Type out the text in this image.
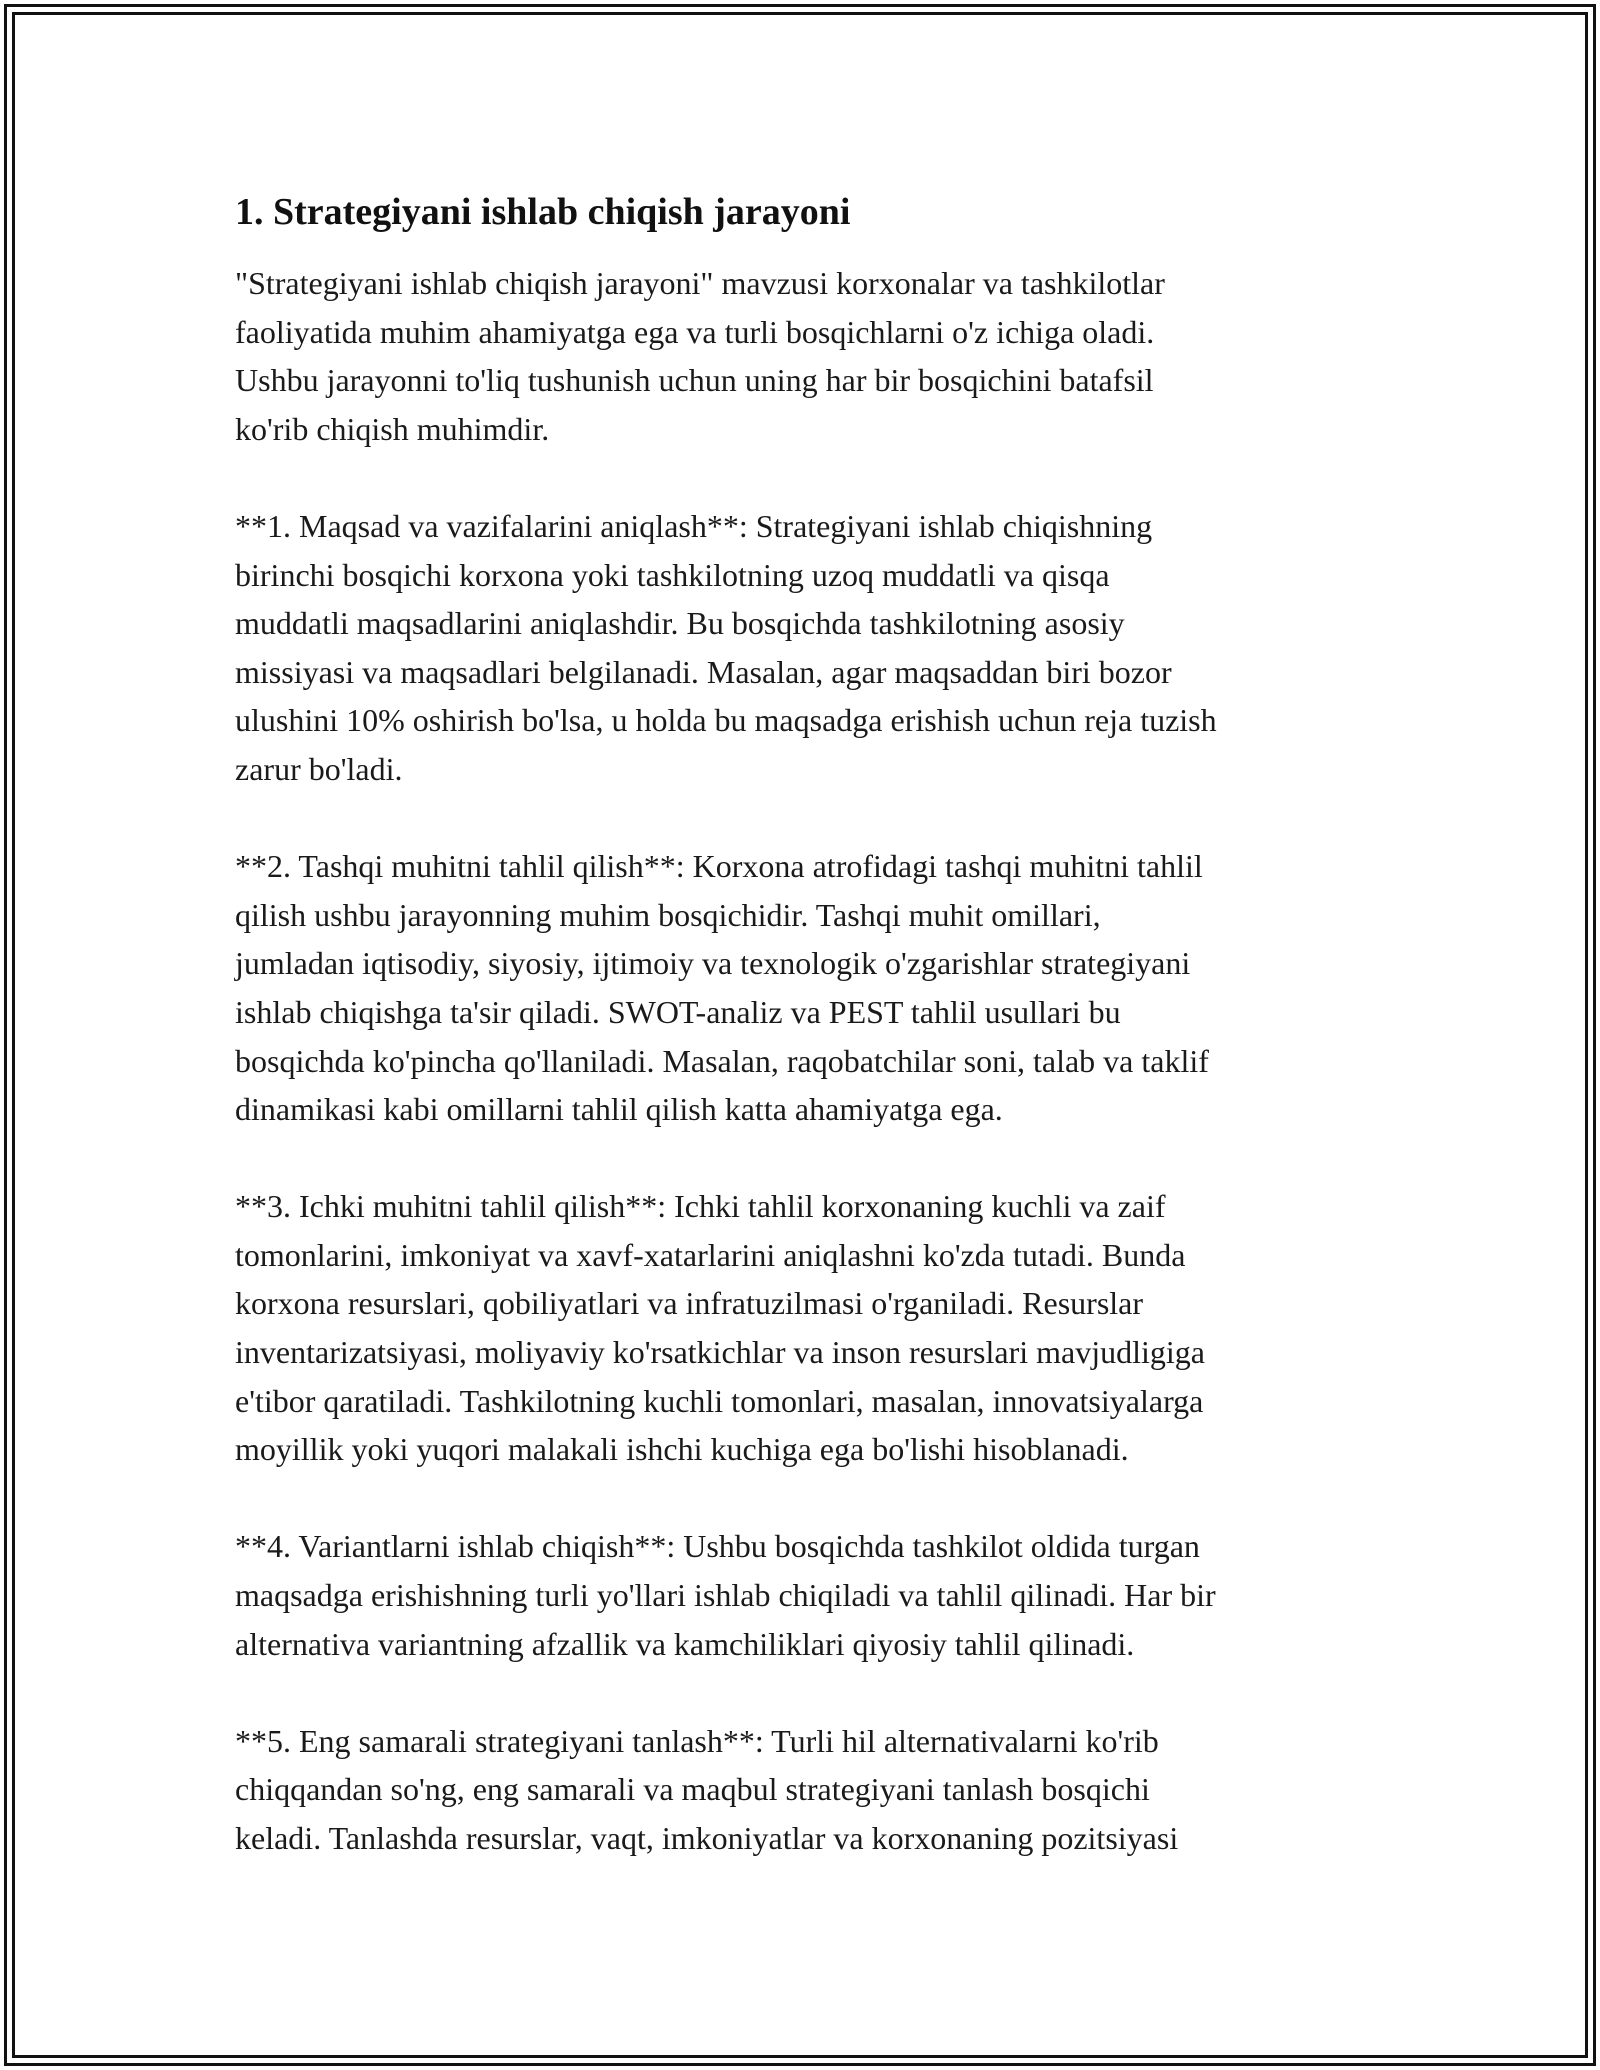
1. Strategiyani ishlab chiqish jarayoni

"Strategiyani ishlab chiqish jarayoni" mavzusi korxonalar va tashkilotlar
faoliyatida muhim ahamiyatga ega va turli bosqichlarni o'z ichiga oladi.
Ushbu jarayonni to'liq tushunish uchun uning har bir bosqichini batafsil
ko'rib chiqish muhimdir.

**1. Maqsad va vazifalarini aniqlash**: Strategiyani ishlab chiqishning
birinchi bosqichi korxona yoki tashkilotning uzoq muddatli va qisqa
muddatli maqsadlarini aniqlashdir. Bu bosqichda tashkilotning asosiy
missiyasi va maqsadlari belgilanadi. Masalan, agar maqsaddan biri bozor
ulushini 10% oshirish bo'lsa, u holda bu maqsadga erishish uchun reja tuzish
zarur bo'ladi.

**2. Tashqi muhitni tahlil qilish**: Korxona atrofidagi tashqi muhitni tahlil
qilish ushbu jarayonning muhim bosqichidir. Tashqi muhit omillari,
jumladan iqtisodiy, siyosiy, ijtimoiy va texnologik o'zgarishlar strategiyani
ishlab chiqishga ta'sir qiladi. SWOT-analiz va PEST tahlil usullari bu
bosqichda ko'pincha qo'llaniladi. Masalan, raqobatchilar soni, talab va taklif
dinamikasi kabi omillarni tahlil qilish katta ahamiyatga ega.

**3. Ichki muhitni tahlil qilish**: Ichki tahlil korxonaning kuchli va zaif
tomonlarini, imkoniyat va xavf-xatarlarini aniqlashni ko'zda tutadi. Bunda
korxona resurslari, qobiliyatlari va infratuzilmasi o'rganiladi. Resurslar
inventarizatsiyasi, moliyaviy ko'rsatkichlar va inson resurslari mavjudligiga
e'tibor qaratiladi. Tashkilotning kuchli tomonlari, masalan, innovatsiyalarga
moyillik yoki yuqori malakali ishchi kuchiga ega bo'lishi hisoblanadi.

**4. Variantlarni ishlab chiqish**: Ushbu bosqichda tashkilot oldida turgan
maqsadga erishishning turli yo'llari ishlab chiqiladi va tahlil qilinadi. Har bir
alternativa variantning afzallik va kamchiliklari qiyosiy tahlil qilinadi.

**5. Eng samarali strategiyani tanlash**: Turli hil alternativalarni ko'rib
chiqqandan so'ng, eng samarali va maqbul strategiyani tanlash bosqichi
keladi. Tanlashda resurslar, vaqt, imkoniyatlar va korxonaning pozitsiyasi
